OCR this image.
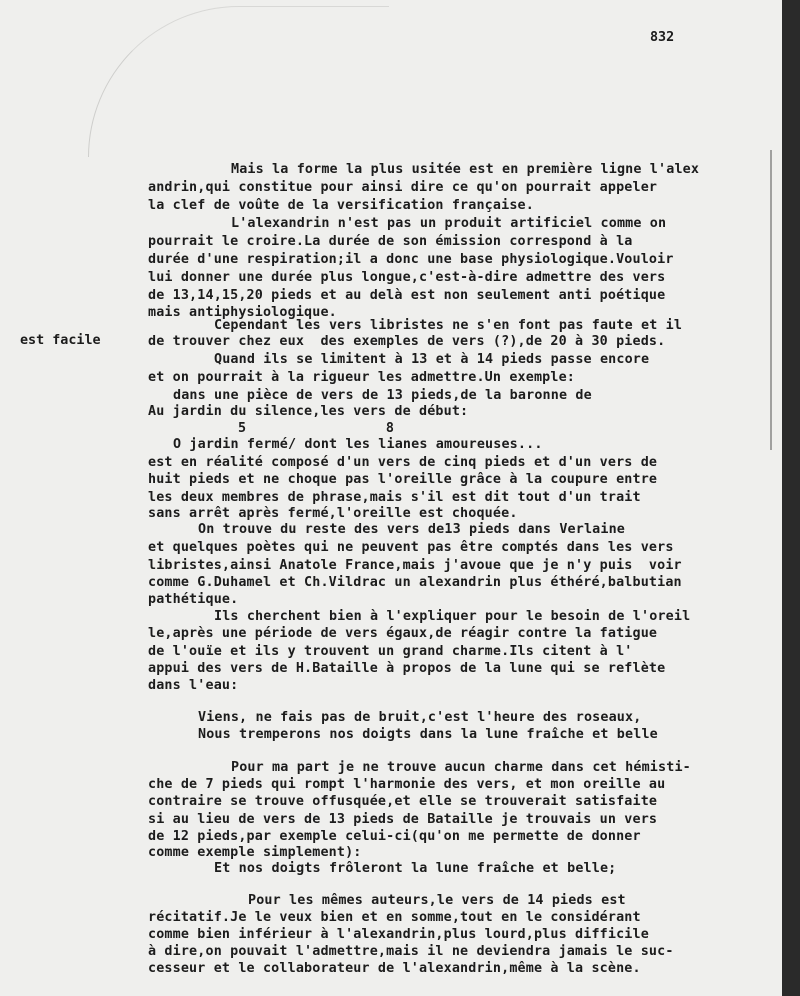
832
est facile
Mais la forme la plus usitée est en première ligne l'alex
andrin,qui constitue pour ainsi dire ce qu'on pourrait appeler
la clef de voûte de la versification française.
L'alexandrin n'est pas un produit artificiel comme on
pourrait le croire.La durée de son émission correspond à la
durée d'une respiration;il a donc une base physiologique.Vouloir
lui donner une durée plus longue,c'est-à-dire admettre des vers
de 13,14,15,20 pieds et au delà est non seulement anti poétique
mais antiphysiologique.
Cependant les vers libristes ne s'en font pas faute et il
de trouver chez eux  des exemples de vers (?),de 20 à 30 pieds.
Quand ils se limitent à 13 et à 14 pieds passe encore
et on pourrait à la rigueur les admettre.Un exemple:
dans une pièce de vers de 13 pieds,de la baronne de
Au jardin du silence,les vers de début:
5                 8
O jardin fermé/ dont les lianes amoureuses...
est en réalité composé d'un vers de cinq pieds et d'un vers de
huit pieds et ne choque pas l'oreille grâce à la coupure entre
les deux membres de phrase,mais s'il est dit tout d'un trait
sans arrêt après fermé,l'oreille est choquée.
On trouve du reste des vers de13 pieds dans Verlaine
et quelques poètes qui ne peuvent pas être comptés dans les vers
libristes,ainsi Anatole France,mais j'avoue que je n'y puis  voir
comme G.Duhamel et Ch.Vildrac un alexandrin plus éthéré,balbutian
pathétique.
Ils cherchent bien à l'expliquer pour le besoin de l'oreil
le,après une période de vers égaux,de réagir contre la fatigue
de l'ouïe et ils y trouvent un grand charme.Ils citent à l'
appui des vers de H.Bataille à propos de la lune qui se reflète
dans l'eau:
Viens, ne fais pas de bruit,c'est l'heure des roseaux,
Nous tremperons nos doigts dans la lune fraîche et belle
Pour ma part je ne trouve aucun charme dans cet hémisti-
che de 7 pieds qui rompt l'harmonie des vers, et mon oreille au
contraire se trouve offusquée,et elle se trouverait satisfaite
si au lieu de vers de 13 pieds de Bataille je trouvais un vers
de 12 pieds,par exemple celui-ci(qu'on me permette de donner
comme exemple simplement):
Et nos doigts frôleront la lune fraîche et belle;
Pour les mêmes auteurs,le vers de 14 pieds est
récitatif.Je le veux bien et en somme,tout en le considérant
comme bien inférieur à l'alexandrin,plus lourd,plus difficile
à dire,on pouvait l'admettre,mais il ne deviendra jamais le suc-
cesseur et le collaborateur de l'alexandrin,même à la scène.
